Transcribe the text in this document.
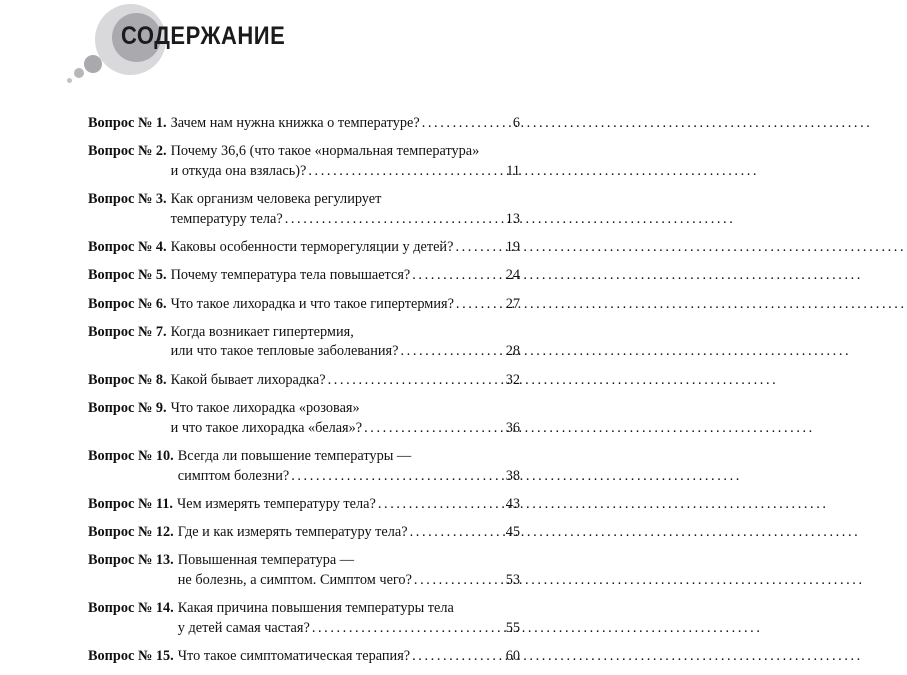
СОДЕРЖАНИЕ
Вопрос № 1. Зачем нам нужна книжка о температуре? .....	6
Вопрос № 2. Почему 36,6 (что такое «нормальная температура»
и откуда она взялась)? .....	11
Вопрос № 3. Как организм человека регулирует
температуру тела? .....	13
Вопрос № 4. Каковы особенности терморегуляции у детей? .....	19
Вопрос № 5. Почему температура тела повышается? .....	24
Вопрос № 6. Что такое лихорадка и что такое гипертермия? .....	27
Вопрос № 7. Когда возникает гипертермия,
или что такое тепловые заболевания? .....	28
Вопрос № 8. Какой бывает лихорадка? .....	32
Вопрос № 9. Что такое лихорадка «розовая»
и что такое лихорадка «белая»? .....	36
Вопрос № 10. Всегда ли повышение температуры —
симптом болезни? .....	38
Вопрос № 11. Чем измерять температуру тела? .....	43
Вопрос № 12. Где и как измерять температуру тела? .....	45
Вопрос № 13. Повышенная температура —
не болезнь, а симптом. Симптом чего? .....	53
Вопрос № 14. Какая причина повышения температуры тела
у детей самая частая? .....	55
Вопрос № 15. Что такое симптоматическая терапия? .....	60
